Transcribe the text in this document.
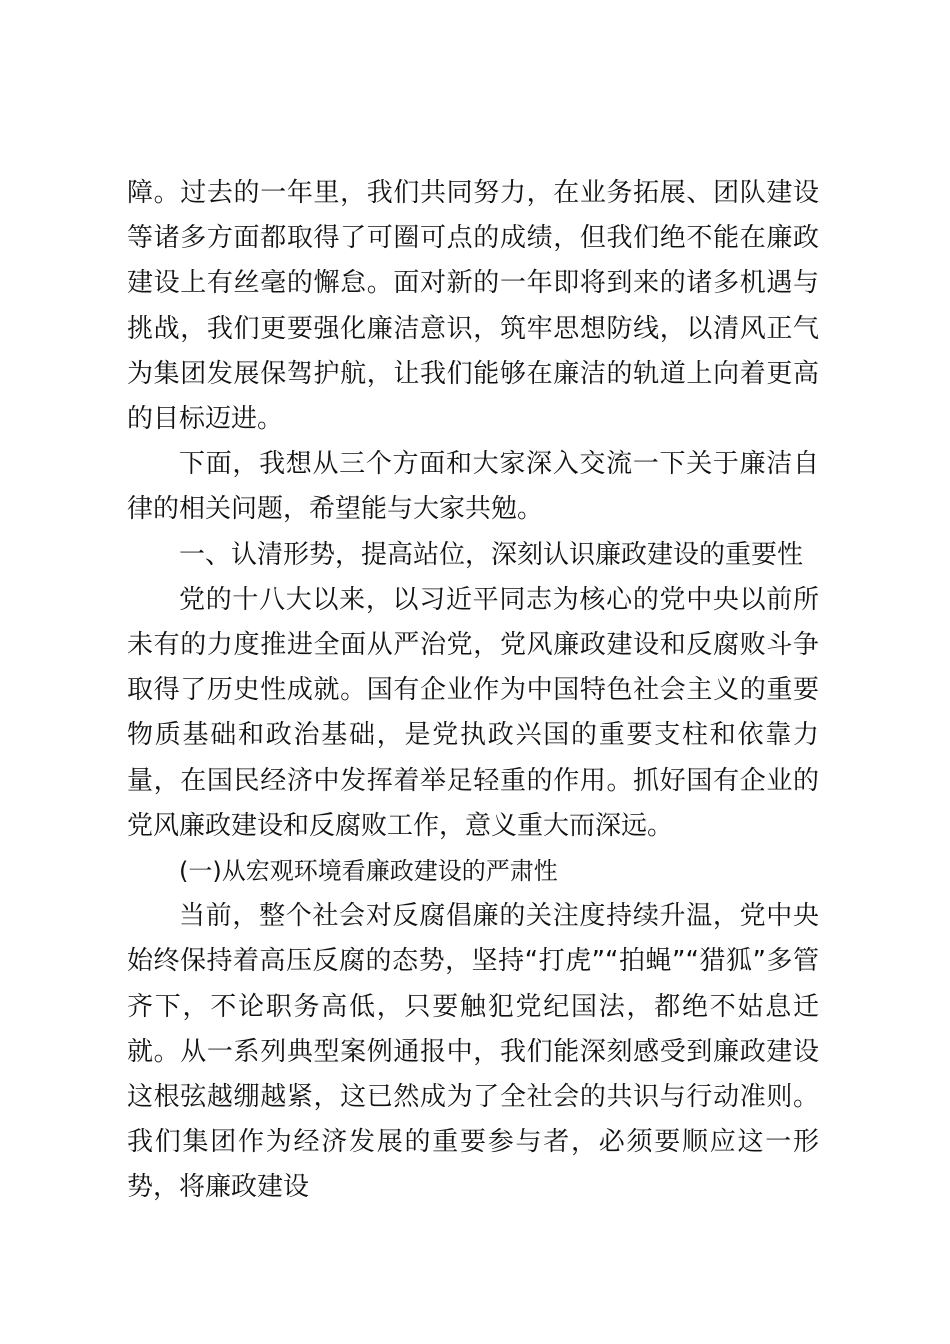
障。过去的一年里，我们共同努力，在业务拓展、团队建设等诸多方面都取得了可圈可点的成绩，但我们绝不能在廉政建设上有丝毫的懈怠。面对新的一年即将到来的诸多机遇与挑战，我们更要强化廉洁意识，筑牢思想防线，以清风正气为集团发展保驾护航，让我们能够在廉洁的轨道上向着更高的目标迈进。

下面，我想从三个方面和大家深入交流一下关于廉洁自律的相关问题，希望能与大家共勉。

一、认清形势，提高站位，深刻认识廉政建设的重要性

党的十八大以来，以习近平同志为核心的党中央以前所未有的力度推进全面从严治党，党风廉政建设和反腐败斗争取得了历史性成就。国有企业作为中国特色社会主义的重要物质基础和政治基础，是党执政兴国的重要支柱和依靠力量，在国民经济中发挥着举足轻重的作用。抓好国有企业的党风廉政建设和反腐败工作，意义重大而深远。

(一)从宏观环境看廉政建设的严肃性

当前，整个社会对反腐倡廉的关注度持续升温，党中央始终保持着高压反腐的态势，坚持“打虎”“拍蝇”“猎狐”多管齐下，不论职务高低，只要触犯党纪国法，都绝不姑息迁就。从一系列典型案例通报中，我们能深刻感受到廉政建设这根弦越绷越紧，这已然成为了全社会的共识与行动准则。我们集团作为经济发展的重要参与者，必须要顺应这一形势，将廉政建设
